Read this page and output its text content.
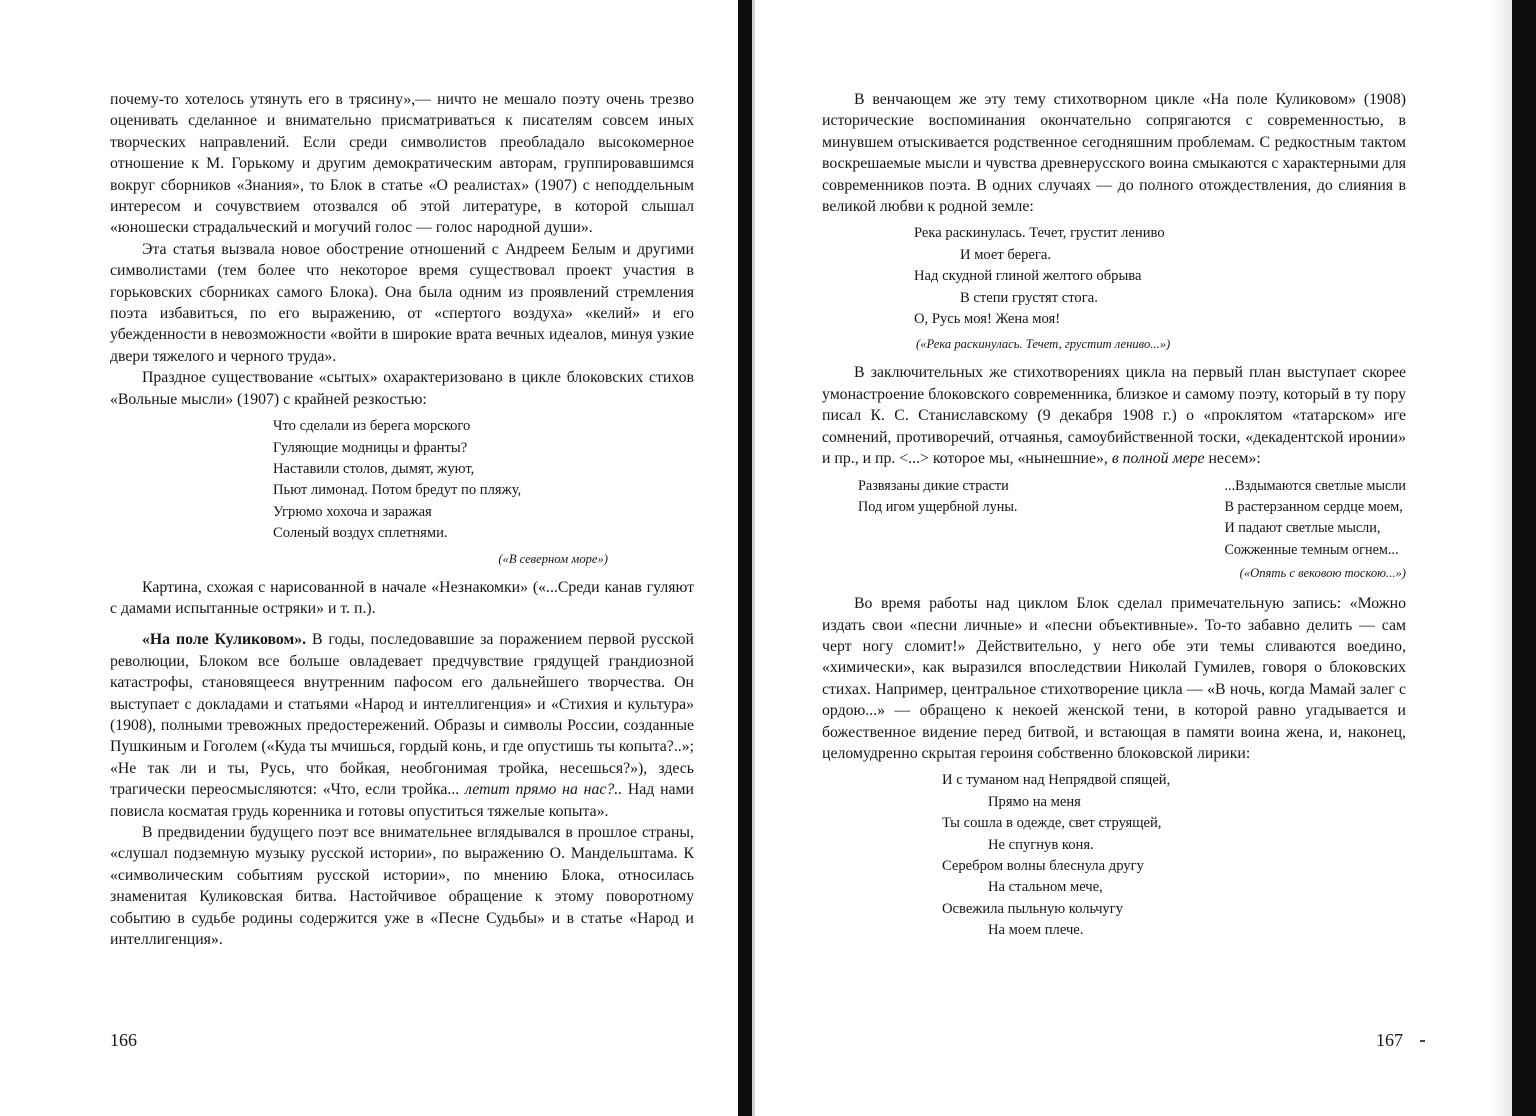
почему-то хотелось утянуть его в трясину»,— ничто не мешало поэту очень трезво оценивать сделанное и внимательно присматриваться к писателям совсем иных творческих направлений. Если среди символистов преобладало высокомерное отношение к М. Горькому и другим демократическим авторам, группировавшимся вокруг сборников «Знания», то Блок в статье «О реалистах» (1907) с неподдельным интересом и сочувствием отозвался об этой литературе, в которой слышал «юношески страдальческий и могучий голос — голос народной души».

Эта статья вызвала новое обострение отношений с Андреем Белым и другими символистами (тем более что некоторое время существовал проект участия в горьковских сборниках самого Блока). Она была одним из проявлений стремления поэта избавиться, по его выражению, от «спертого воздуха» «келий» и его убежденности в невозможности «войти в широкие врата вечных идеалов, минуя узкие двери тяжелого и черного труда».

Праздное существование «сытых» охарактеризовано в цикле блоковских стихов «Вольные мысли» (1907) с крайней резкостью:

Что сделали из берега морского
Гуляющие модницы и франты?
Наставили столов, дымят, жуют,
Пьют лимонад. Потом бредут по пляжу,
Угрюмо хохоча и заражая
Соленый воздух сплетнями.
(«В северном море»)

Картина, схожая с нарисованной в начале «Незнакомки» («...Среди канав гуляют с дамами испытанные остряки» и т. п.).

«На поле Куликовом». В годы, последовавшие за поражением первой русской революции, Блоком все больше овладевает предчувствие грядущей грандиозной катастрофы, становящееся внутренним пафосом его дальнейшего творчества. Он выступает с докладами и статьями «Народ и интеллигенция» и «Стихия и культура» (1908), полными тревожных предостережений. Образы и символы России, созданные Пушкиным и Гоголем («Куда ты мчишься, гордый конь, и где опустишь ты копыта?..»; «Не так ли и ты, Русь, что бойкая, необгонимая тройка, несешься?»), здесь трагически переосмысляются: «Что, если тройка... летит прямо на нас?.. Над нами повисла косматая грудь коренника и готовы опуститься тяжелые копыта».

В предвидении будущего поэт все внимательнее вглядывался в прошлое страны, «слушал подземную музыку русской истории», по выражению О. Мандельштама. К «символическим событиям русской истории», по мнению Блока, относилась знаменитая Куликовская битва. Настойчивое обращение к этому поворотному событию в судьбе родины содержится уже в «Песне Судьбы» и в статье «Народ и интеллигенция».

166

В венчающем же эту тему стихотворном цикле «На поле Куликовом» (1908) исторические воспоминания окончательно сопрягаются с современностью, в минувшем отыскивается родственное сегодняшним проблемам. С редкостным тактом воскрешаемые мысли и чувства древнерусского воина смыкаются с характерными для современников поэта. В одних случаях — до полного отождествления, до слияния в великой любви к родной земле:

Река раскинулась. Течет, грустит лениво
И моет берега.
Над скудной глиной желтого обрыва
В степи грустят стога.
О, Русь моя! Жена моя!
(«Река раскинулась. Течет, грустит лениво...»)

В заключительных же стихотворениях цикла на первый план выступает скорее умонастроение блоковского современника, близкое и самому поэту, который в ту пору писал К. С. Станиславскому (9 декабря 1908 г.) о «проклятом «татарском» иге сомнений, противоречий, отчаянья, самоубийственной тоски, «декадентской иронии» и пр., и пр. <...> которое мы, «нынешние», в полной мере несем»:

Развязаны дикие страсти
Под игом ущербной луны.
...Вздымаются светлые мысли
В растерзанном сердце моем,
И падают светлые мысли,
Сожженные темным огнем...
(«Опять с вековою тоскою...»)

Во время работы над циклом Блок сделал примечательную запись: «Можно издать свои «песни личные» и «песни объективные». То-то забавно делить — сам черт ногу сломит!» Действительно, у него обе эти темы сливаются воедино, «химически», как выразился впоследствии Николай Гумилев, говоря о блоковских стихах. Например, центральное стихотворение цикла — «В ночь, когда Мамай залег с ордою...» — обращено к некоей женской тени, в которой равно угадывается и божественное видение перед битвой, и встающая в памяти воина жена, и, наконец, целомудренно скрытая героиня собственно блоковской лирики:

И с туманом над Непрядвой спящей,
Прямо на меня
Ты сошла в одежде, свет струящей,
Не спугнув коня.
Серебром волны блеснула другу
На стальном мече,
Освежила пыльную кольчугу
На моем плече.
167
